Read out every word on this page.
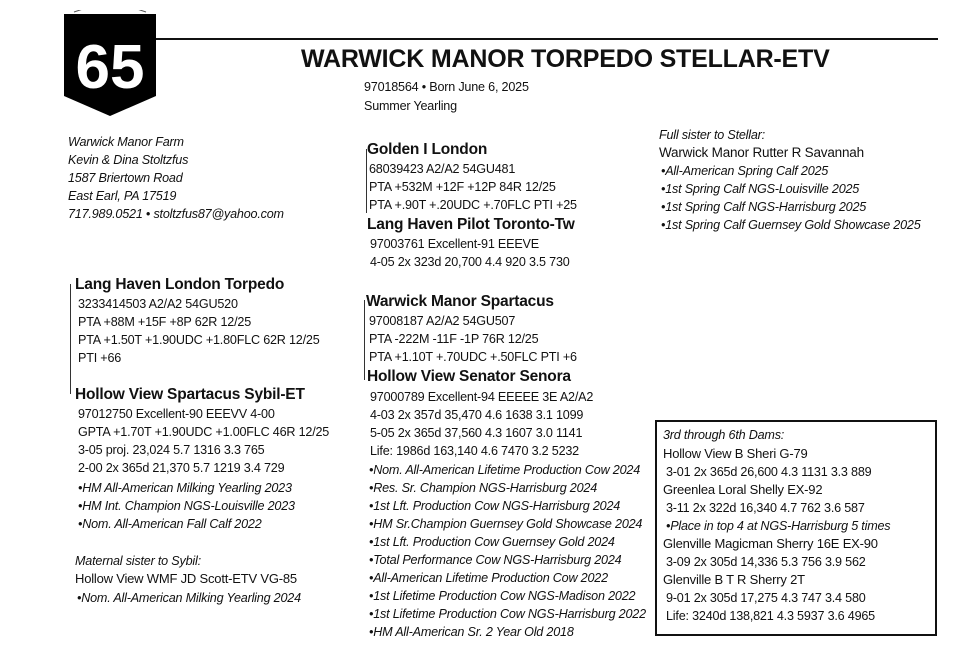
65	WARWICK MANOR TORPEDO STELLAR-ETV
97018564 • Born June 6, 2025
Summer Yearling
Warwick Manor Farm
Kevin & Dina Stoltzfus
1587 Briertown Road
East Earl, PA 17519
717.989.0521 • stoltzfus87@yahoo.com
Golden I London
68039423 A2/A2 54GU481
PTA +532M +12F +12P 84R 12/25
PTA +.90T +.20UDC +.70FLC PTI +25
Lang Haven Pilot Toronto-Tw
97003761 Excellent-91 EEEVE
4-05 2x 323d 20,700 4.4 920 3.5 730
Full sister to Stellar:
Warwick Manor Rutter R Savannah
•All-American Spring Calf 2025
•1st Spring Calf NGS-Louisville 2025
•1st Spring Calf NGS-Harrisburg 2025
•1st Spring Calf Guernsey Gold Showcase 2025
Lang Haven London Torpedo
3233414503 A2/A2 54GU520
PTA +88M +15F +8P 62R 12/25
PTA +1.50T +1.90UDC +1.80FLC 62R 12/25
PTI +66
Warwick Manor Spartacus
97008187 A2/A2 54GU507
PTA -222M -11F -1P 76R 12/25
PTA +1.10T +.70UDC +.50FLC PTI +6
Hollow View Spartacus Sybil-ET
97012750 Excellent-90 EEEVV 4-00
GPTA +1.70T +1.90UDC +1.00FLC 46R 12/25
3-05 proj. 23,024 5.7 1316 3.3 765
2-00 2x 365d 21,370 5.7 1219 3.4 729
•HM All-American Milking Yearling 2023
•HM Int. Champion NGS-Louisville 2023
•Nom. All-American Fall Calf 2022
Maternal sister to Sybil:
Hollow View WMF JD Scott-ETV VG-85
•Nom. All-American Milking Yearling 2024
Hollow View Senator Senora
97000789 Excellent-94 EEEEE 3E A2/A2
4-03 2x 357d 35,470 4.6 1638 3.1 1099
5-05 2x 365d 37,560 4.3 1607 3.0 1141
Life: 1986d 163,140 4.6 7470 3.2 5232
•Nom. All-American Lifetime Production Cow 2024
•Res. Sr. Champion NGS-Harrisburg 2024
•1st Lft. Production Cow NGS-Harrisburg 2024
•HM Sr.Champion Guernsey Gold Showcase 2024
•1st Lft. Production Cow Guernsey Gold 2024
•Total Performance Cow NGS-Harrisburg 2024
•All-American Lifetime Production Cow 2022
•1st Lifetime Production Cow NGS-Madison 2022
•1st Lifetime Production Cow NGS-Harrisburg 2022
•HM All-American Sr. 2 Year Old 2018
3rd through 6th Dams:
Hollow View B Sheri G-79
3-01 2x 365d 26,600 4.3 1131 3.3 889
Greenlea Loral Shelly EX-92
3-11 2x 322d 16,340 4.7 762 3.6 587
•Place in top 4 at NGS-Harrisburg 5 times
Glenville Magicman Sherry 16E EX-90
3-09 2x 305d 14,336 5.3 756 3.9 562
Glenville B T R Sherry 2T
9-01 2x 305d 17,275 4.3 747 3.4 580
Life: 3240d 138,821 4.3 5937 3.6 4965
